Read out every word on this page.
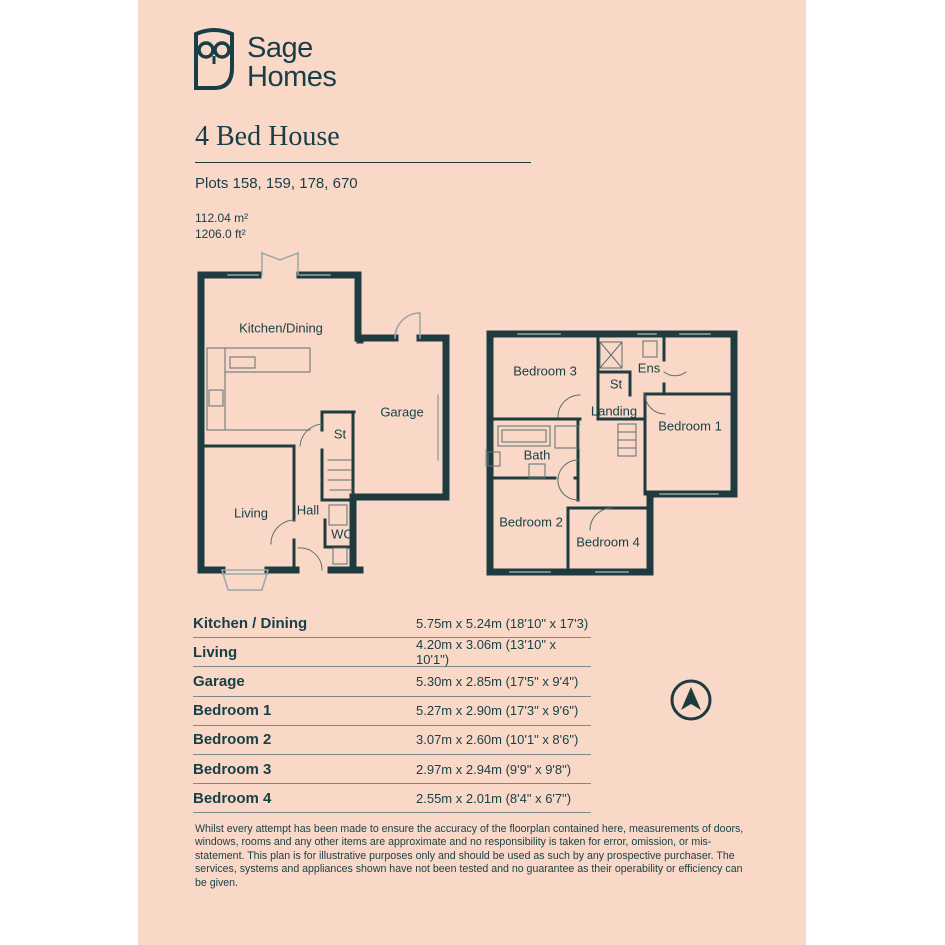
Sage
Homes
4 Bed House
Plots 158, 159, 178, 670
112.04 m²
1206.0 ft²
Kitchen/Dining
Garage
St
Living Hall
WC
Bedroom 3	Ens
St
Landing
Bedroom 1
Bath
Bedroom 2
Bedroom 4
Kitchen / Dining	5.75m x 5.24m (18'10" x 17'3)
Living	4.20m x 3.06m (13'10" x 10'1")
Garage	5.30m x 2.85m (17'5" x 9'4")
Bedroom 1	5.27m x 2.90m (17'3" x 9'6")
Bedroom 2	3.07m x 2.60m (10'1" x 8'6")
Bedroom 3	2.97m x 2.94m (9'9" x 9'8")
Bedroom 4	2.55m x 2.01m (8'4" x 6'7")
Whilst every attempt has been made to ensure the accuracy of the floorplan contained here, measurements of doors, windows, rooms and any other items are approximate and no responsibility is taken for error, omission, or mis-statement. This plan is for illustrative purposes only and should be used as such by any prospective purchaser. The services, systems and appliances shown have not been tested and no guarantee as their operability or efficiency can be given.
